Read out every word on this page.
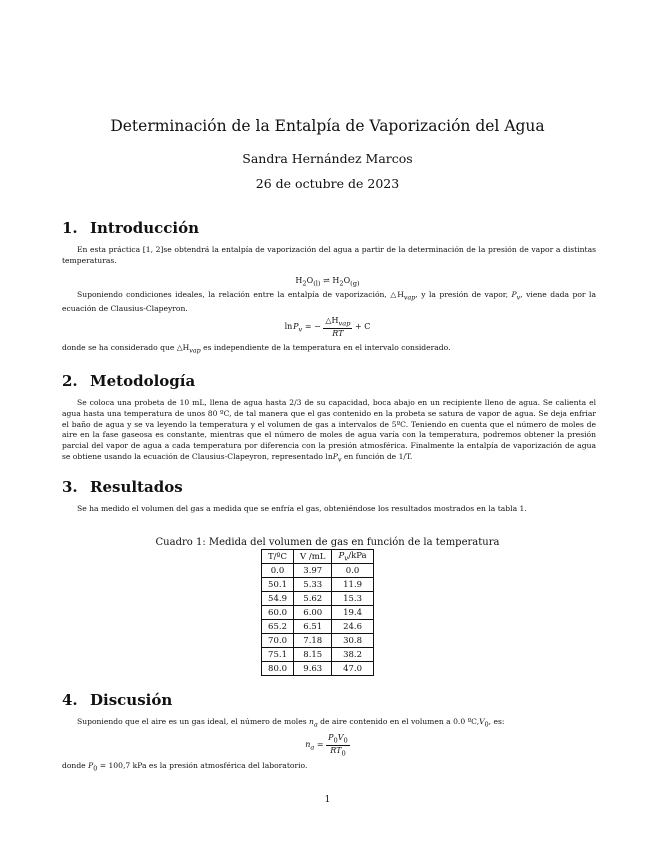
Determinación de la Entalpía de Vaporización del Agua
Sandra Hernández Marcos
26 de octubre de 2023
1. Introducción
En esta práctica [1, 2]se obtendrá la entalpía de vaporización del agua a partir de la determinación de la presión de vapor a distintas temperaturas.
$H_2O_{(l)}$ ⇌ $H_2O_{(g)}$
Suponiendo condiciones ideales, la relación entre la entalpía de vaporización, $\triangle H_{vap}$, y la presión de vapor, $P_v$, viene dada por la ecuación de Clausius-Clapeyron.
ln $P_v$ = − $\frac{\triangle H_{vap}}{RT} + C$
donde se ha considerado que $\triangle H_{vap}$ es independiente de la temperatura en el intervalo considerado.
2. Metodología
Se coloca una probeta de 10 mL, llena de agua hasta 2/3 de su capacidad, boca abajo en un recipiente lleno de agua. Se calienta el agua hasta una temperatura de unos 80 ºC, de tal manera que el gas contenido en la probeta se satura de vapor de agua. Se deja enfriar el baño de agua y se va leyendo la temperatura y el volumen de gas a intervalos de 5ºC. Teniendo en cuenta que el número de moles de aire en la fase gaseosa es constante, mientras que el número de moles de agua varía con la temperatura, podremos obtener la presión parcial del vapor de agua a cada temperatura por diferencia con la presión atmosférica. Finalmente la entalpía de vaporización de agua se obtiene usando la ecuación de Clausius-Clapeyron, representado lnP$_v$ en función de 1/T.
3. Resultados
Se ha medido el volumen del gas a medida que se enfría el gas, obteniéndose los resultados mostrados en la tabla 1.
Cuadro 1: Medida del volumen de gas en función de la temperatura
T/ºC	V /mL	$P_v$/kPa
0.0	3.97	0.0
50.1	5.33	11.9
54.9	5.62	15.3
60.0	6.00	19.4
65.2	6.51	24.6
70.0	7.18	30.8
75.1	8.15	38.2
80.0	9.63	47.0
4. Discusión
Suponiendo que el aire es un gas ideal, el número de moles $n_a$ de aire contenido en el volumen a 0.0 $ºC,V_0$, es:
$n_a = \frac{P_0V_0}{RT_0}$
donde $P_0 = 100,7$ kPa es la presión atmosférica del laboratorio.
1
